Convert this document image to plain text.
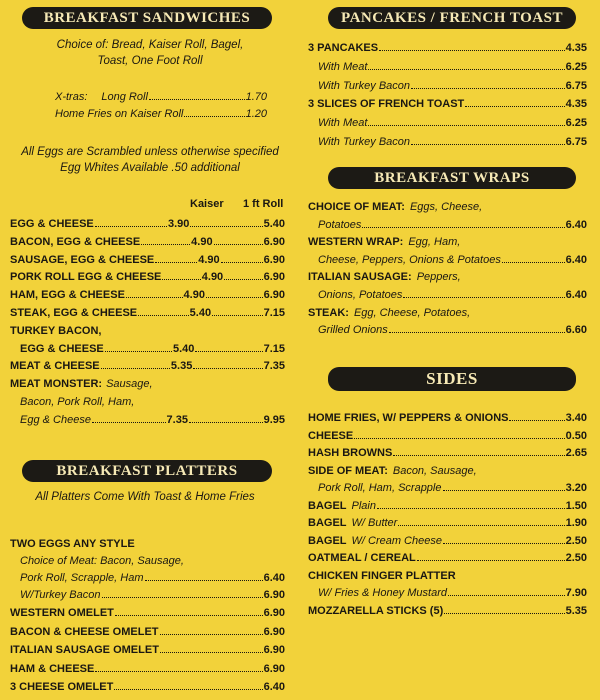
BREAKFAST SANDWICHES
Choice of: Bread, Kaiser Roll, Bagel,
Toast, One Foot Roll
X-tras: Long Roll	1.70
Home Fries on Kaiser Roll	1.20
All Eggs are Scrambled unless otherwise specified
Egg Whites Available .50 additional
Kaiser 1 ft Roll
EGG & CHEESE	3.90	5.40
BACON, EGG & CHEESE	4.90	6.90
SAUSAGE, EGG & CHEESE	4.90	6.90
PORK ROLL EGG & CHEESE	4.90	6.90
HAM, EGG & CHEESE	4.90	6.90
STEAK, EGG & CHEESE	5.40	7.15
TURKEY BACON,
EGG & CHEESE	5.40	7.15
MEAT & CHEESE	5.35	7.35
MEAT MONSTER: Sausage,
Bacon, Pork Roll, Ham,
Egg & Cheese	7.35	9.95
BREAKFAST PLATTERS
All Platters Come With Toast & Home Fries
TWO EGGS ANY STYLE
Choice of Meat: Bacon, Sausage,
Pork Roll, Scrapple, Ham	6.40
W/Turkey Bacon	6.90
WESTERN OMELET	6.90
BACON & CHEESE OMELET	6.90
ITALIAN SAUSAGE OMELET	6.90
HAM & CHEESE	6.90
3 CHEESE OMELET	6.40
PANCAKES / FRENCH TOAST
3 PANCAKES	4.35
With Meat	6.25
With Turkey Bacon	6.75
3 SLICES OF FRENCH TOAST	4.35
With Meat	6.25
With Turkey Bacon	6.75
BREAKFAST WRAPS
CHOICE OF MEAT: Eggs, Cheese,
Potatoes	6.40
WESTERN WRAP: Egg, Ham,
Cheese, Peppers, Onions & Potatoes	6.40
ITALIAN SAUSAGE: Peppers,
Onions, Potatoes	6.40
STEAK: Egg, Cheese, Potatoes,
Grilled Onions	6.60
SIDES
HOME FRIES, W/ PEPPERS & ONIONS	3.40
CHEESE	0.50
HASH BROWNS	2.65
SIDE OF MEAT: Bacon, Sausage,
Pork Roll, Ham, Scrapple	3.20
BAGEL Plain	1.50
BAGEL W/ Butter	1.90
BAGEL W/ Cream Cheese	2.50
OATMEAL / CEREAL	2.50
CHICKEN FINGER PLATTER
W/ Fries & Honey Mustard	7.90
MOZZARELLA STICKS (5)	5.35
